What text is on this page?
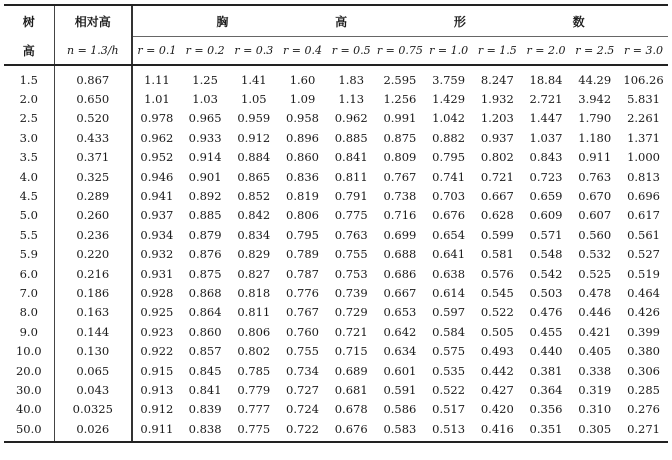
树	相对高	胸 高 形 数										

高	n = 1.3/h	r = 0.1	r = 0.2	r = 0.3	r = 0.4	r = 0.5	r = 0.75	r = 1.0	r = 1.5	r = 2.0	r = 2.5	r = 3.0
1.5	0.867	1.11	1.25	1.41	1.60	1.83	2.595	3.759	8.247	18.84	44.29	106.26
2.0	0.650	1.01	1.03	1.05	1.09	1.13	1.256	1.429	1.932	2.721	3.942	5.831
2.5	0.520	0.978	0.965	0.959	0.958	0.962	0.991	1.042	1.203	1.447	1.790	2.261
3.0	0.433	0.962	0.933	0.912	0.896	0.885	0.875	0.882	0.937	1.037	1.180	1.371
3.5	0.371	0.952	0.914	0.884	0.860	0.841	0.809	0.795	0.802	0.843	0.911	1.000
4.0	0.325	0.946	0.901	0.865	0.836	0.811	0.767	0.741	0.721	0.723	0.763	0.813
4.5	0.289	0.941	0.892	0.852	0.819	0.791	0.738	0.703	0.667	0.659	0.670	0.696
5.0	0.260	0.937	0.885	0.842	0.806	0.775	0.716	0.676	0.628	0.609	0.607	0.617
5.5	0.236	0.934	0.879	0.834	0.795	0.763	0.699	0.654	0.599	0.571	0.560	0.561
5.9	0.220	0.932	0.876	0.829	0.789	0.755	0.688	0.641	0.581	0.548	0.532	0.527
6.0	0.216	0.931	0.875	0.827	0.787	0.753	0.686	0.638	0.576	0.542	0.525	0.519
7.0	0.186	0.928	0.868	0.818	0.776	0.739	0.667	0.614	0.545	0.503	0.478	0.464
8.0	0.163	0.925	0.864	0.811	0.767	0.729	0.653	0.597	0.522	0.476	0.446	0.426
9.0	0.144	0.923	0.860	0.806	0.760	0.721	0.642	0.584	0.505	0.455	0.421	0.399
10.0	0.130	0.922	0.857	0.802	0.755	0.715	0.634	0.575	0.493	0.440	0.405	0.380
20.0	0.065	0.915	0.845	0.785	0.734	0.689	0.601	0.535	0.442	0.381	0.338	0.306
30.0	0.043	0.913	0.841	0.779	0.727	0.681	0.591	0.522	0.427	0.364	0.319	0.285
40.0	0.0325	0.912	0.839	0.777	0.724	0.678	0.586	0.517	0.420	0.356	0.310	0.276
50.0	0.026	0.911	0.838	0.775	0.722	0.676	0.583	0.513	0.416	0.351	0.305	0.271
